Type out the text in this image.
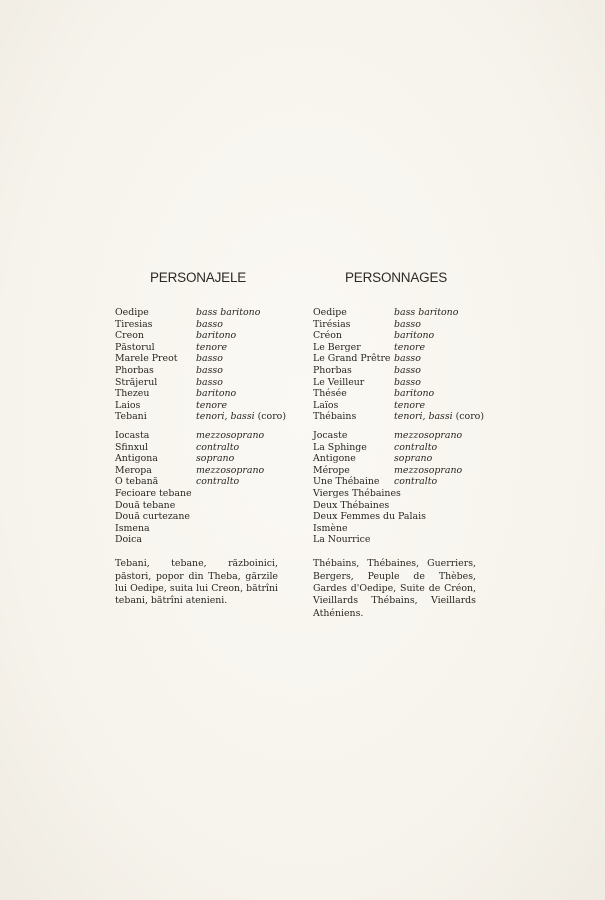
PERSONAJELE
Oedipe	bass baritono
Tiresias	basso
Creon	baritono
Păstorul	tenore
Marele Preot basso
Phorbas	basso
Străjerul	basso
Thezeu	baritono
Laios	tenore
Tebani	tenori, bassi (coro)
Iocasta	mezzosoprano
Sfinxul	contralto
Antigona	soprano
Meropa	mezzosoprano
O tebană	contralto
Fecioare tebane
Două tebane
Două curtezane
Ismena
Doica

Tebani, tebane, războinici, păstori, popor din Theba, gărzile lui Oedipe, suita lui Creon, bătrîni tebani, bătrîni atenieni.

PERSONNAGES
Oedipe	bass baritono
Tirésias	basso
Créon	baritono
Le Berger	tenore
Le Grand Prêtre basso
Phorbas	basso
Le Veilleur	basso
Thésée	baritono
Laïos	tenore
Thébains	tenori, bassi (coro)
Jocaste	mezzosoprano
La Sphinge	contralto
Antigone	soprano
Mérope	mezzosoprano
Une Thébaine contralto
Vierges Thébaines
Deux Thébaines
Deux Femmes du Palais
Ismène
La Nourrice

Thébains, Thébaines, Guerriers, Bergers, Peuple de Thèbes, Gardes d'Oedipe, Suite de Créon, Vieillards Thébains, Vieillards Athéniens.
